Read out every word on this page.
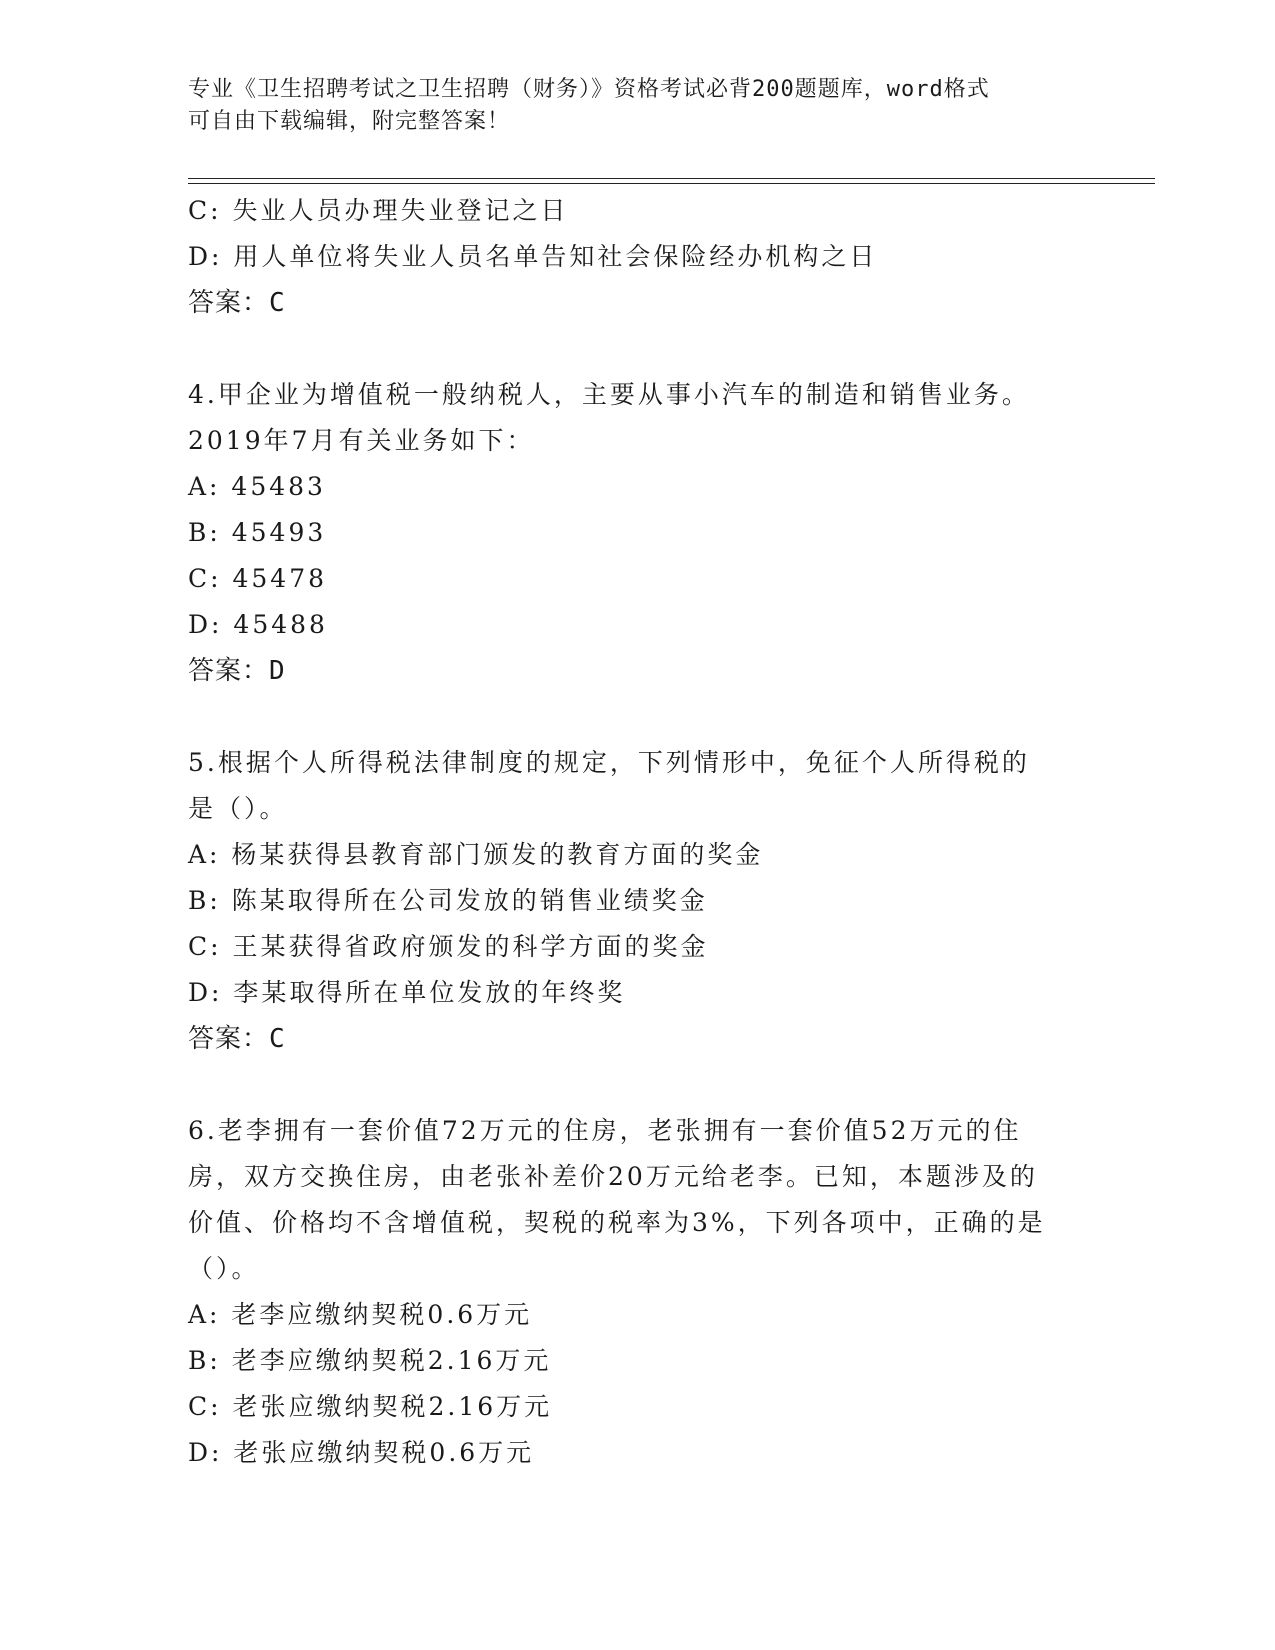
专业《卫生招聘考试之卫生招聘（财务）》资格考试必背200题题库，word格式
可自由下载编辑，附完整答案！
C: 失业人员办理失业登记之日
D: 用人单位将失业人员名单告知社会保险经办机构之日
答案：C
4.甲企业为增值税一般纳税人，主要从事小汽车的制造和销售业务。
2019年7月有关业务如下：
A: 45483
B: 45493
C: 45478
D: 45488
答案：D
5.根据个人所得税法律制度的规定，下列情形中，免征个人所得税的
是（）。
A: 杨某获得县教育部门颁发的教育方面的奖金
B: 陈某取得所在公司发放的销售业绩奖金
C: 王某获得省政府颁发的科学方面的奖金
D: 李某取得所在单位发放的年终奖
答案：C
6.老李拥有一套价值72万元的住房，老张拥有一套价值52万元的住
房，双方交换住房，由老张补差价20万元给老李。已知，本题涉及的
价值、价格均不含增值税，契税的税率为3%，下列各项中，正确的是
（）。
A: 老李应缴纳契税0.6万元
B: 老李应缴纳契税2.16万元
C: 老张应缴纳契税2.16万元
D: 老张应缴纳契税0.6万元
